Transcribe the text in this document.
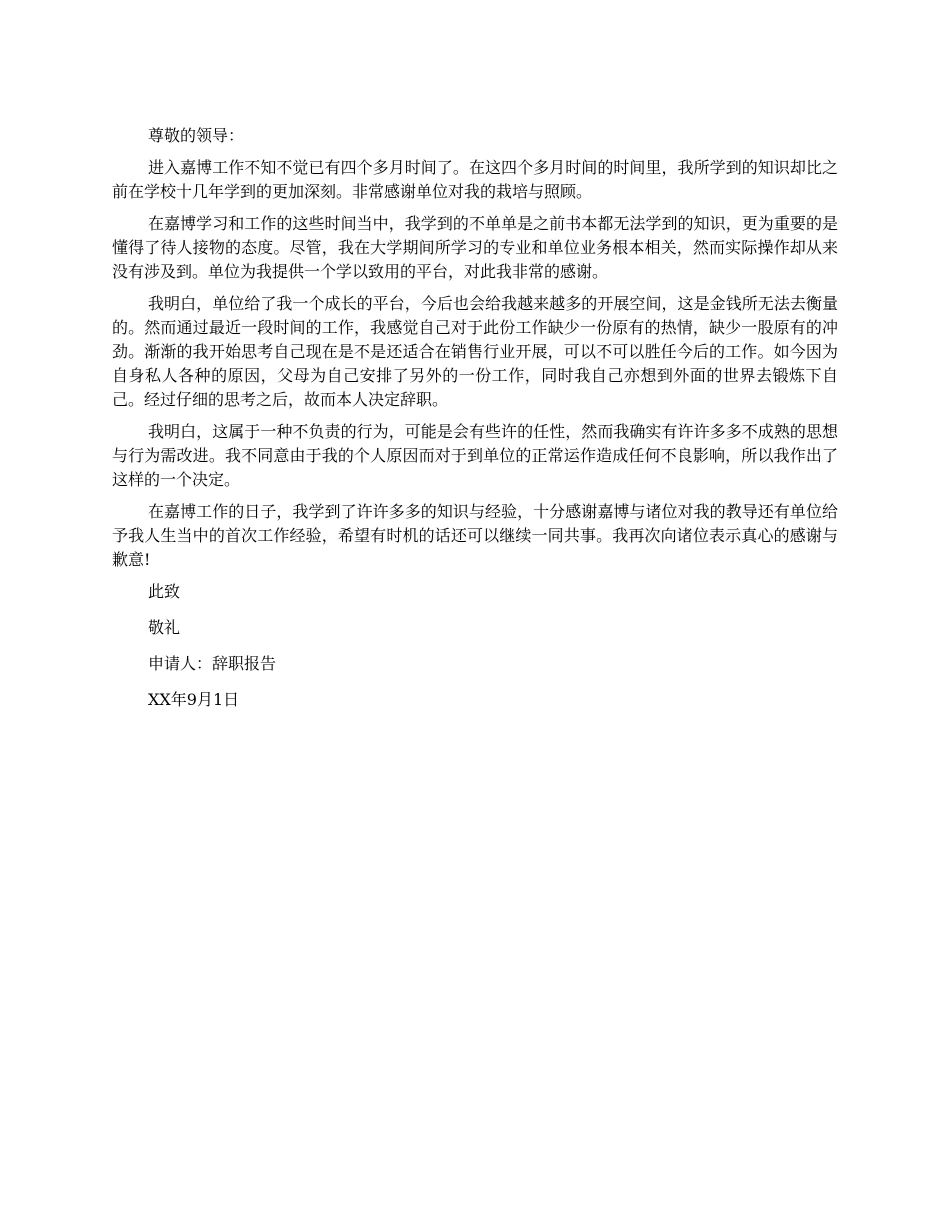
尊敬的领导：

进入嘉博工作不知不觉已有四个多月时间了。在这四个多月时间的时间里，我所学到的知识却比之前在学校十几年学到的更加深刻。非常感谢单位对我的栽培与照顾。

在嘉博学习和工作的这些时间当中，我学到的不单单是之前书本都无法学到的知识，更为重要的是懂得了待人接物的态度。尽管，我在大学期间所学习的专业和单位业务根本相关，然而实际操作却从来没有涉及到。单位为我提供一个学以致用的平台，对此我非常的感谢。

我明白，单位给了我一个成长的平台，今后也会给我越来越多的开展空间，这是金钱所无法去衡量的。然而通过最近一段时间的工作，我感觉自己对于此份工作缺少一份原有的热情，缺少一股原有的冲劲。渐渐的我开始思考自己现在是不是还适合在销售行业开展，可以不可以胜任今后的工作。如今因为自身私人各种的原因，父母为自己安排了另外的一份工作，同时我自己亦想到外面的世界去锻炼下自己。经过仔细的思考之后，故而本人决定辞职。

我明白，这属于一种不负责的行为，可能是会有些许的任性，然而我确实有许许多多不成熟的思想与行为需改进。我不同意由于我的个人原因而对于到单位的正常运作造成任何不良影响，所以我作出了这样的一个决定。

在嘉博工作的日子，我学到了许许多多的知识与经验，十分感谢嘉博与诸位对我的教导还有单位给予我人生当中的首次工作经验，希望有时机的话还可以继续一同共事。我再次向诸位表示真心的感谢与歉意!

此致

敬礼

申请人：辞职报告

XX年9月1日
